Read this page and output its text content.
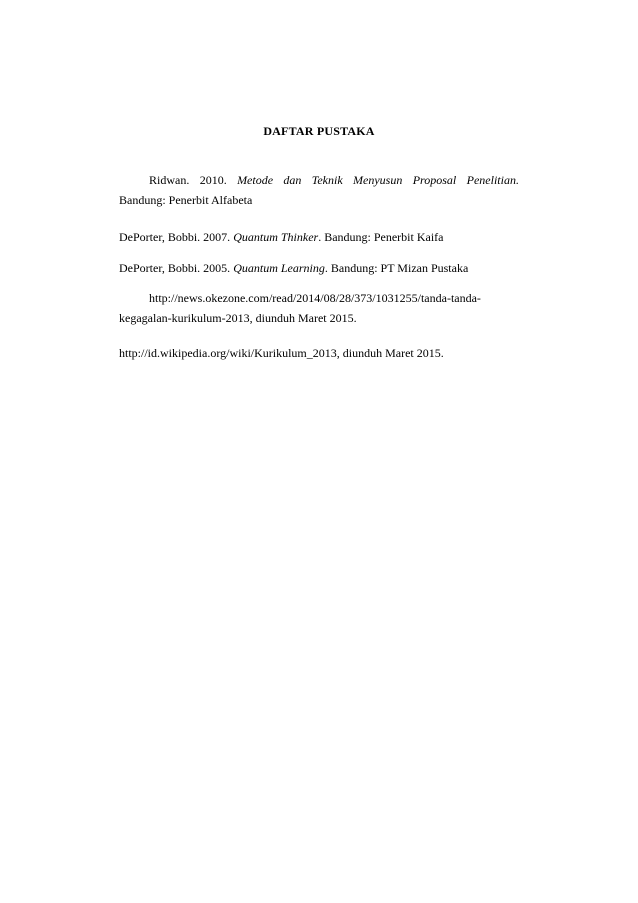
DAFTAR PUSTAKA
Ridwan. 2010. Metode dan Teknik Menyusun Proposal Penelitian.
Bandung: Penerbit Alfabeta
DePorter, Bobbi. 2007. Quantum Thinker. Bandung: Penerbit Kaifa
DePorter, Bobbi. 2005. Quantum Learning. Bandung: PT Mizan Pustaka
http://news.okezone.com/read/2014/08/28/373/1031255/tanda-tanda-
kegagalan-kurikulum-2013, diunduh Maret 2015.
http://id.wikipedia.org/wiki/Kurikulum_2013, diunduh Maret 2015.
